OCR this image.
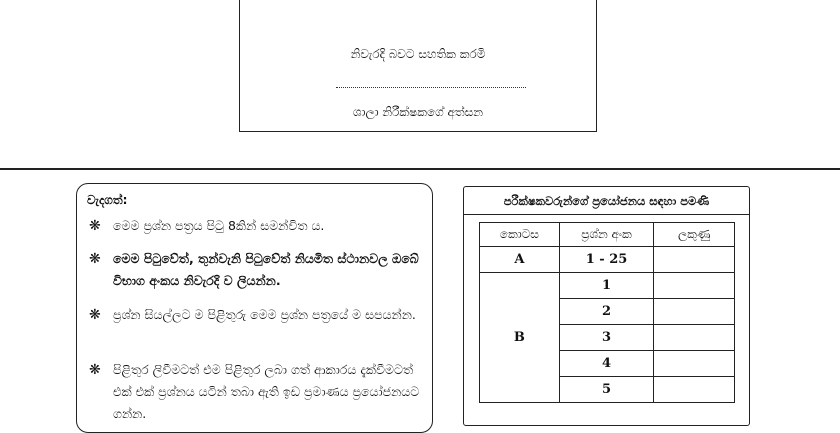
නිවැරදි බවට සහතික කරමි
ශාලා නිරීක්ෂකගේ අත්සන
වැදගත්:
❋ මෙම ප්‍රශ්න පත්‍රය පිටු 8කින් සමන්විත ය.
❋ මෙම පිටුවේත්, තුන්වැනි පිටුවේත් නියමිත ස්ථානවල ඔබේ විභාග අංකය නිවැරදි ව ලියන්න.
❋ ප්‍රශ්න සියල්ලට ම පිළිතුරු මෙම ප්‍රශ්න පත්‍රයේ ම සපයන්න.
❋ පිළිතුර ලිවීමටත් එම පිළිතුර ලබා ගත් ආකාරය දැක්වීමටත් එක් එක් ප්‍රශ්නය යටින් තබා ඇති ඉඩ ප්‍රමාණය ප්‍රයෝජනයට ගන්න.
පරීක්ෂකවරුන්ගේ ප්‍රයෝජනය සඳහා පමණි
කොටස	ප්‍රශ්න අංක	ලකුණු
A	1 - 25	
B	1	
	2	
	3	
	4	
	5	
